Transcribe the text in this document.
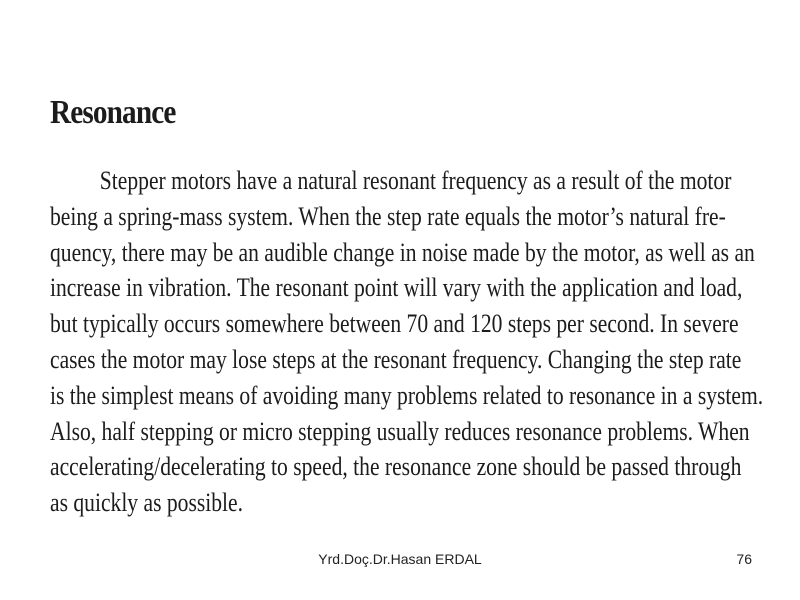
Resonance
Stepper motors have a natural resonant frequency as a result of the motor
being a spring-mass system. When the step rate equals the motor’s natural fre-
quency, there may be an audible change in noise made by the motor, as well as an
increase in vibration. The resonant point will vary with the application and load,
but typically occurs somewhere between 70 and 120 steps per second. In severe
cases the motor may lose steps at the resonant frequency. Changing the step rate
is the simplest means of avoiding many problems related to resonance in a system.
Also, half stepping or micro stepping usually reduces resonance problems. When
accelerating/decelerating to speed, the resonance zone should be passed through
as quickly as possible.
Yrd.Doç.Dr.Hasan ERDAL	76
